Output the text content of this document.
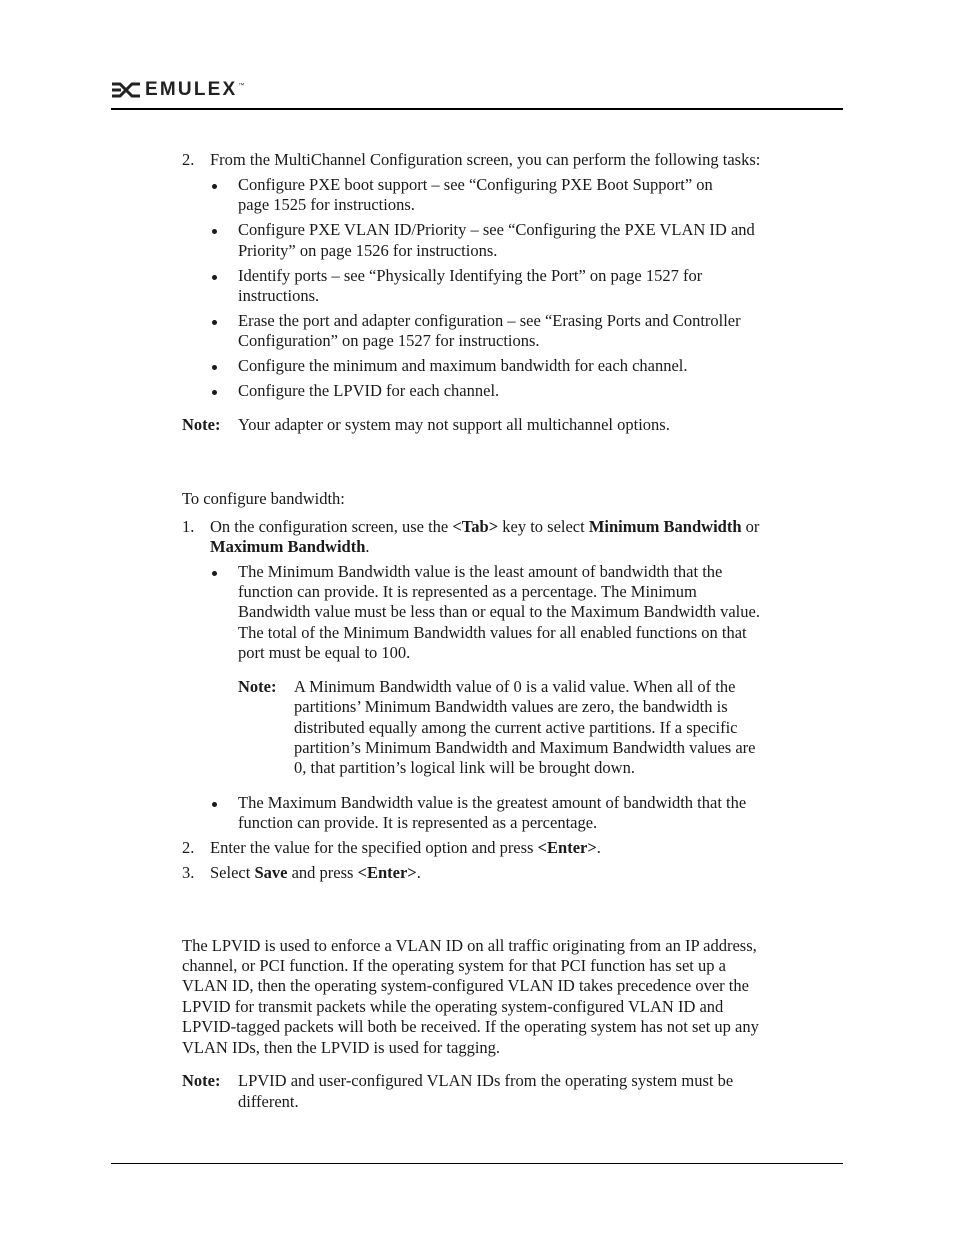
EMULEX ™
2. From the MultiChannel Configuration screen, you can perform the following tasks:

Configure PXE boot support – see “Configuring PXE Boot Support” on

page 1525 for instructions.

Configure PXE VLAN ID/Priority – see “Configuring the PXE VLAN ID and

Priority” on page 1526 for instructions.

Identify ports – see “Physically Identifying the Port” on page 1527 for

instructions.

Erase the port and adapter configuration – see “Erasing Ports and Controller

Configuration” on page 1527 for instructions.

Configure the minimum and maximum bandwidth for each channel.

Configure the LPVID for each channel.

Note: Your adapter or system may not support all multichannel options.

To configure bandwidth:

1. On the configuration screen, use the <Tab> key to select Minimum Bandwidth or

Maximum Bandwidth.

The Minimum Bandwidth value is the least amount of bandwidth that the

function can provide. It is represented as a percentage. The Minimum

Bandwidth value must be less than or equal to the Maximum Bandwidth value.

The total of the Minimum Bandwidth values for all enabled functions on that

port must be equal to 100.

Note: A Minimum Bandwidth value of 0 is a valid value. When all of the

partitions’ Minimum Bandwidth values are zero, the bandwidth is

distributed equally among the current active partitions. If a specific

partition’s Minimum Bandwidth and Maximum Bandwidth values are

0, that partition’s logical link will be brought down.

The Maximum Bandwidth value is the greatest amount of bandwidth that the

function can provide. It is represented as a percentage.

2. Enter the value for the specified option and press <Enter>.

3. Select Save and press <Enter>.

The LPVID is used to enforce a VLAN ID on all traffic originating from an IP address,

channel, or PCI function. If the operating system for that PCI function has set up a

VLAN ID, then the operating system-configured VLAN ID takes precedence over the

LPVID for transmit packets while the operating system-configured VLAN ID and

LPVID-tagged packets will both be received. If the operating system has not set up any

VLAN IDs, then the LPVID is used for tagging.

Note: LPVID and user-configured VLAN IDs from the operating system must be

different.
